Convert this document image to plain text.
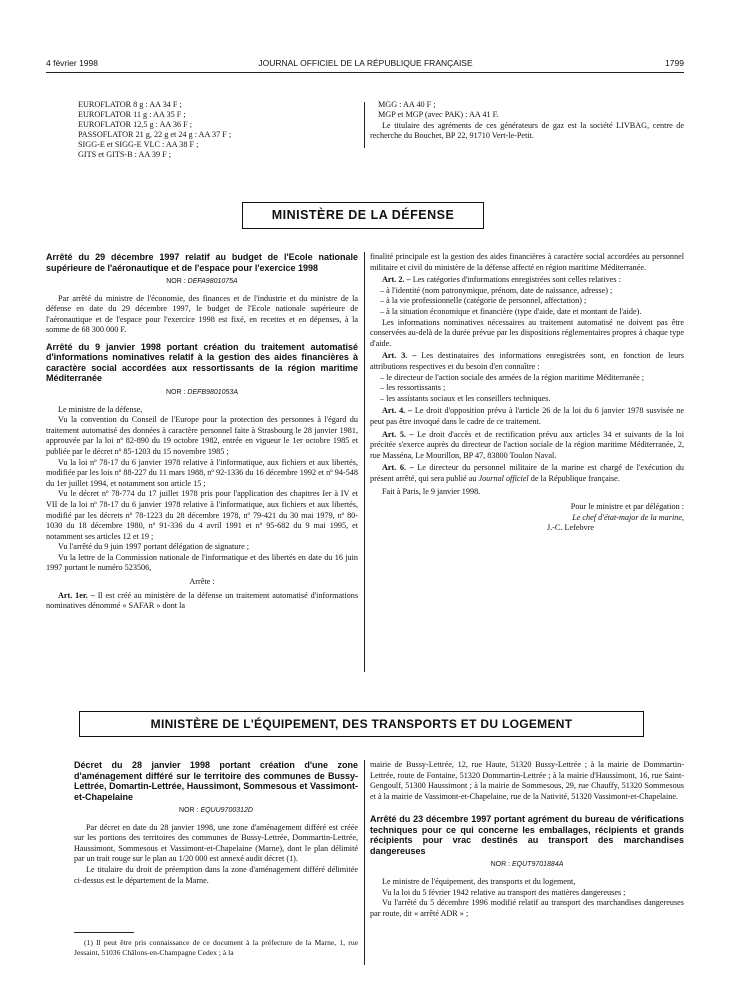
4 février 1998	JOURNAL OFFICIEL DE LA RÉPUBLIQUE FRANÇAISE	1799

EUROFLATOR 8 g : AA 34 F ;

EUROFLATOR 11 g : AA 35 F ;

EUROFLATOR 12,5 g : AA 36 F ;

PASSOFLATOR 21 g, 22 g et 24 g : AA 37 F ;

SIGG-E et SIGG-E VLC : AA 38 F ;

GITS et GITS-B : AA 39 F ;

MGG : AA 40 F ;

MGP et MGP (avec PAK) : AA 41 F.

Le titulaire des agréments de ces générateurs de gaz est la société LIVBAG, centre de recherche du Bouchet, BP 22, 91710 Vert-le-Petit.

MINISTÈRE DE LA DÉFENSE

Arrêté du 29 décembre 1997 relatif au budget de l'Ecole nationale supérieure de l'aéronautique et de l'espace pour l'exercice 1998

NOR : DEFA9801075A

Par arrêté du ministre de l'économie, des finances et de l'industrie et du ministre de la défense en date du 29 décembre 1997, le budget de l'Ecole nationale supérieure de l'aéronautique et de l'espace pour l'exercice 1998 est fixé, en recettes et en dépenses, à la somme de 68 300 000 F.

Arrêté du 9 janvier 1998 portant création du traitement automatisé d'informations nominatives relatif à la gestion des aides financières à caractère social accordées aux ressortissants de la région maritime Méditerranée

NOR : DEFB9801053A

Le ministre de la défense,

Vu la convention du Conseil de l'Europe pour la protection des personnes à l'égard du traitement automatisé des données à caractère personnel faite à Strasbourg le 28 janvier 1981, approuvée par la loi nº 82-890 du 19 octobre 1982, entrée en vigueur le 1er octobre 1985 et publiée par le décret nº 85-1203 du 15 novembre 1985 ;

Vu la loi nº 78-17 du 6 janvier 1978 relative à l'informatique, aux fichiers et aux libertés, modifiée par les lois nº 88-227 du 11 mars 1988, nº 92-1336 du 16 décembre 1992 et nº 94-548 du 1er juillet 1994, et notamment son article 15 ;

Vu le décret nº 78-774 du 17 juillet 1978 pris pour l'application des chapitres Ier à IV et VII de la loi nº 78-17 du 6 janvier 1978 relative à l'informatique, aux fichiers et aux libertés, modifié par les décrets nº 78-1223 du 28 décembre 1978, nº 79-421 du 30 mai 1979, nº 80-1030 du 18 décembre 1980, nº 91-336 du 4 avril 1991 et nº 95-682 du 9 mai 1995, et notamment ses articles 12 et 19 ;

Vu l'arrêté du 9 juin 1997 portant délégation de signature ;

Vu la lettre de la Commission nationale de l'informatique et des libertés en date du 16 juin 1997 portant le numéro 523506,

Arrête :

Art. 1er. – Il est créé au ministère de la défense un traitement automatisé d'informations nominatives dénommé « SAFAR » dont la

finalité principale est la gestion des aides financières à caractère social accordées au personnel militaire et civil du ministère de la défense affecté en région maritime Méditerranée.

Art. 2. – Les catégories d'informations enregistrées sont celles relatives :

– à l'identité (nom patronymique, prénom, date de naissance, adresse) ;

– à la vie professionnelle (catégorie de personnel, affectation) ;

– à la situation économique et financière (type d'aide, date et montant de l'aide).

Les informations nominatives nécessaires au traitement automatisé ne doivent pas être conservées au-delà de la durée prévue par les dispositions réglementaires propres à chaque type d'aide.

Art. 3. – Les destinataires des informations enregistrées sont, en fonction de leurs attributions respectives et du besoin d'en connaître :

– le directeur de l'action sociale des armées de la région maritime Méditerranée ;

– les ressortissants ;

– les assistants sociaux et les conseillers techniques.

Art. 4. – Le droit d'opposition prévu à l'article 26 de la loi du 6 janvier 1978 susvisée ne peut pas être invoqué dans le cadre de ce traitement.

Art. 5. – Le droit d'accès et de rectification prévu aux articles 34 et suivants de la loi précitée s'exerce auprès du directeur de l'action sociale de la région maritime Méditerranée, 2, rue Masséna, Le Mourillon, BP 47, 83800 Toulon Naval.

Art. 6. – Le directeur du personnel militaire de la marine est chargé de l'exécution du présent arrêté, qui sera publié au Journal officiel de la République française.

Fait à Paris, le 9 janvier 1998.

Pour le ministre et par délégation :

Le chef d'état-major de la marine,

J.-C. Lefebvre

MINISTÈRE DE L'ÉQUIPEMENT, DES TRANSPORTS ET DU LOGEMENT

Décret du 28 janvier 1998 portant création d'une zone d'aménagement différé sur le territoire des communes de Bussy-Lettrée, Domartin-Lettrée, Haussimont, Sommesous et Vassimont-et-Chapelaine

NOR : EQUU9700312D

Par décret en date du 28 janvier 1998, une zone d'aménagement différé est créée sur les portions des territoires des communes de Bussy-Lettrée, Dommartin-Lettrée, Haussimont, Sommesous et Vassimont-et-Chapelaine (Marne), dont le plan délimité par un trait rouge sur le plan au 1/20 000 est annexé audit décret (1).

Le titulaire du droit de préemption dans la zone d'aménagement différé délimitée ci-dessus est le département de la Marne.

(1) Il peut être pris connaissance de ce document à la préfecture de la Marne, 1, rue Jessaint, 51036 Châlons-en-Champagne Cedex ; à la

mairie de Bussy-Lettrée, 12, rue Haute, 51320 Bussy-Lettrée ; à la mairie de Dommartin-Lettrée, route de Fontaine, 51320 Dommartin-Lettrée ; à la mairie d'Haussimont, 16, rue Saint-Gengoulf, 51300 Haussimont ; à la mairie de Sommesous, 29, rue Chauffy, 51320 Sommesous et à la mairie de Vassimont-et-Chapelaine, rue de la Nativité, 51320 Vassimont-et-Chapelaine.

Arrêté du 23 décembre 1997 portant agrément du bureau de vérifications techniques pour ce qui concerne les emballages, récipients et grands récipients pour vrac destinés au transport des marchandises dangereuses

NOR : EQUT9701884A

Le ministre de l'équipement, des transports et du logement,

Vu la loi du 5 février 1942 relative au transport des matières dangereuses ;

Vu l'arrêté du 5 décembre 1996 modifié relatif au transport des marchandises dangereuses par route, dit « arrêté ADR » ;
